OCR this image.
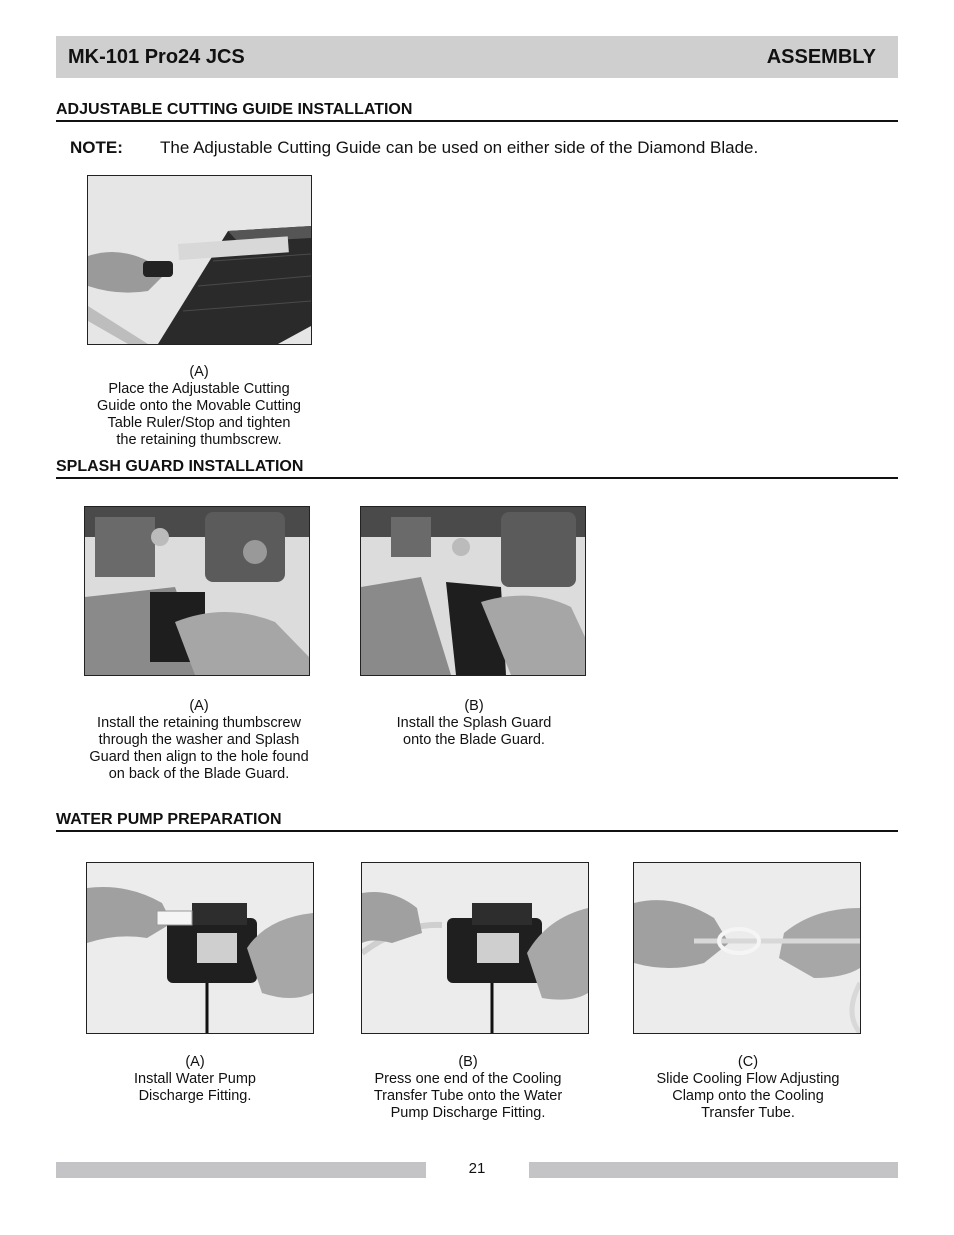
MK-101 Pro24 JCS	ASSEMBLY
ADJUSTABLE CUTTING GUIDE INSTALLATION
NOTE: The Adjustable Cutting Guide can be used on either side of the Diamond Blade.
(A)
Place the Adjustable Cutting
Guide onto the Movable Cutting
Table Ruler/Stop and tighten
the retaining thumbscrew.
SPLASH GUARD INSTALLATION
(A)
Install the retaining thumbscrew
through the washer and Splash
Guard then align to the hole found
on back of the Blade Guard.
(B)
Install the Splash Guard
onto the Blade Guard.
WATER PUMP PREPARATION
(A)
Install Water Pump
Discharge Fitting.
(B)
Press one end of the Cooling
Transfer Tube onto the Water
Pump Discharge Fitting.
(C)
Slide Cooling Flow Adjusting
Clamp onto the Cooling
Transfer Tube.
21
